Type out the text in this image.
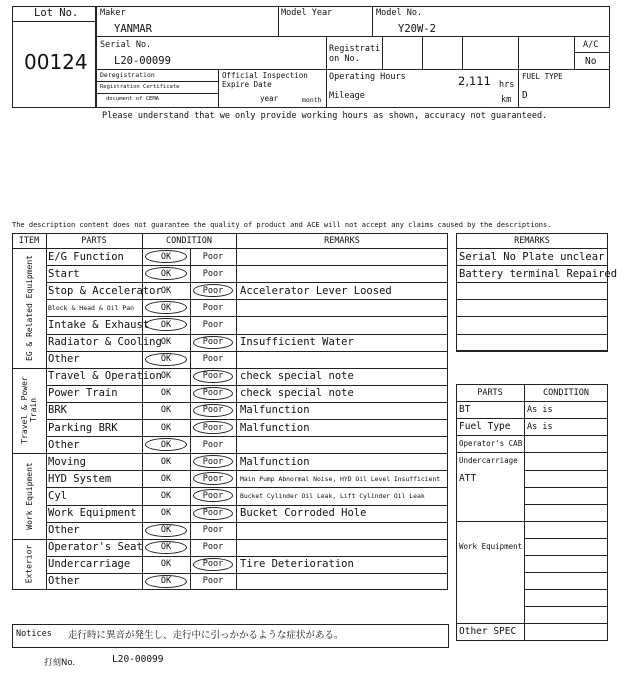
Lot No.
00124
Maker
YANMAR
Model Year	Model No.
Y20W-2
Serial No.
L20-00099
Registrati
on No.
A/C
No
Deregistration
Registration Certificate
document of CEMA
Official Inspection
Expire Date
year	month
Operating Hours	2,111 hrs
Mileage	km
FUEL TYPE
D
Please understand that we only provide working hours as shown, accuracy not guaranteed.
The description content does not guarantee the quality of product and ACE will not accept any claims caused by the descriptions.
ITEM	PARTS	CONDITION	REMARKS
EG & Related Equipment	E/G Function	OK	Poor
Start	OK	Poor
Stop & Accelerator OK	Poor	Accelerator Lever Loosed
Block & Head & Oil Pan	OK	Poor
Intake & Exhaust	OK	Poor
Radiator & Cooling OK	Poor	Insufficient Water
Other	OK	Poor
Travel & Power
Train
Travel & Operation OK	Poor	check special note
Power Train	OK	Poor	check special note
BRK	OK	Poor	Malfunction
Parking BRK	OK	Poor	Malfunction
Other	OK	Poor
Work Equipment
Moving	OK	Poor	Malfunction
HYD System	OK	Poor	Main Pump Abnormal Noise, HYD Oil Level Insufficient
Cyl	OK	Poor	Bucket Cylinder Oil Leak, Lift Cylinder Oil Leak
Work Equipment	OK	Poor	Bucket Corroded Hole
Other	OK	Poor
Exterior	Operator's Seat	OK	Poor
Undercarriage	OK	Poor	Tire Deterioration
Other	OK	Poor
REMARKS
Serial No Plate unclear
Battery terminal Repaired
PARTS	CONDITION
BT	As is
Fuel Type	As is
Operator's CAB
Undercarriage
ATT
Work Equipment
Other SPEC
Notices 走行時に異音が発生し、走行中に引っかかるような症状がある。
打刻No.	L20-00099
